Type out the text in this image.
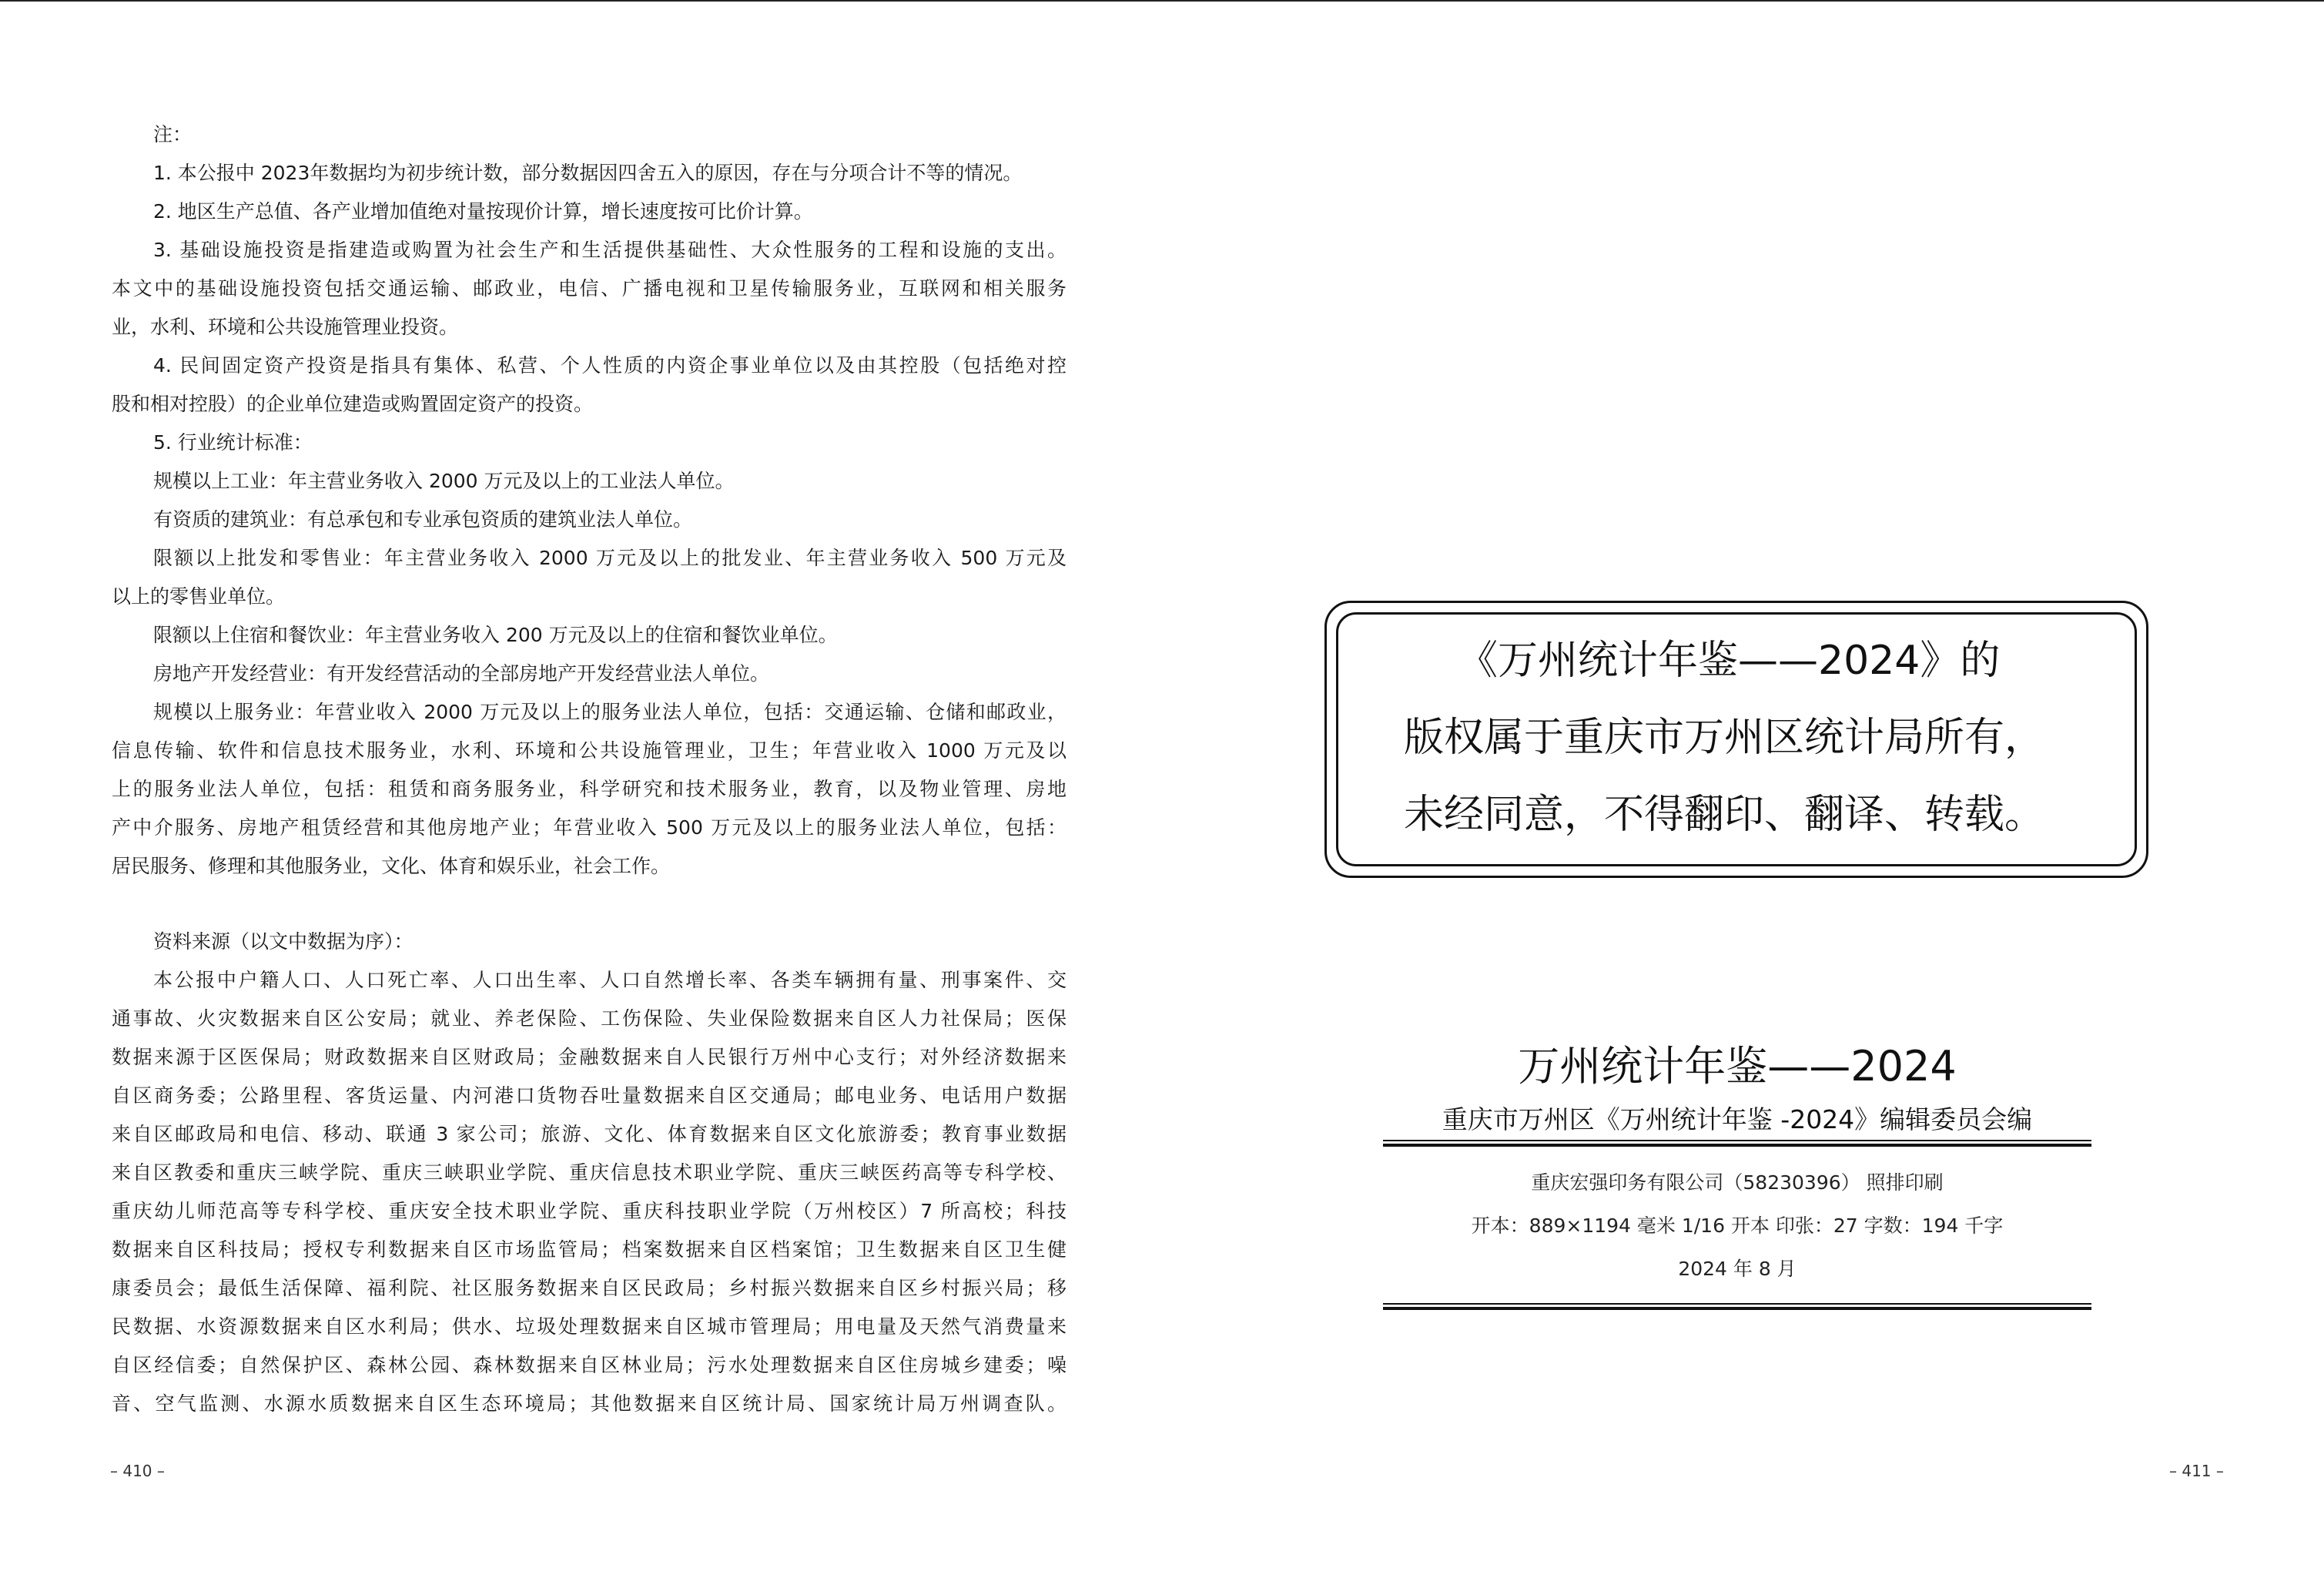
注：
1. 本公报中 2023年数据均为初步统计数，部分数据因四舍五入的原因，存在与分项合计不等的情况。
2. 地区生产总值、各产业增加值绝对量按现价计算，增长速度按可比价计算。
3. 基础设施投资是指建造或购置为社会生产和生活提供基础性、大众性服务的工程和设施的支出。
本文中的基础设施投资包括交通运输、邮政业，电信、广播电视和卫星传输服务业，互联网和相关服务
业，水利、环境和公共设施管理业投资。
4. 民间固定资产投资是指具有集体、私营、个人性质的内资企事业单位以及由其控股（包括绝对控
股和相对控股）的企业单位建造或购置固定资产的投资。
5. 行业统计标准：
规模以上工业：年主营业务收入 2000 万元及以上的工业法人单位。
有资质的建筑业：有总承包和专业承包资质的建筑业法人单位。
限额以上批发和零售业：年主营业务收入 2000 万元及以上的批发业、年主营业务收入 500 万元及
以上的零售业单位。
限额以上住宿和餐饮业：年主营业务收入 200 万元及以上的住宿和餐饮业单位。
房地产开发经营业：有开发经营活动的全部房地产开发经营业法人单位。
规模以上服务业：年营业收入 2000 万元及以上的服务业法人单位，包括：交通运输、仓储和邮政业，
信息传输、软件和信息技术服务业，水利、环境和公共设施管理业，卫生；年营业收入 1000 万元及以
上的服务业法人单位，包括：租赁和商务服务业，科学研究和技术服务业，教育，以及物业管理、房地
产中介服务、房地产租赁经营和其他房地产业；年营业收入 500 万元及以上的服务业法人单位，包括：
居民服务、修理和其他服务业，文化、体育和娱乐业，社会工作。
资料来源（以文中数据为序）：
本公报中户籍人口、人口死亡率、人口出生率、人口自然增长率、各类车辆拥有量、刑事案件、交
通事故、火灾数据来自区公安局；就业、养老保险、工伤保险、失业保险数据来自区人力社保局；医保
数据来源于区医保局；财政数据来自区财政局；金融数据来自人民银行万州中心支行；对外经济数据来
自区商务委；公路里程、客货运量、内河港口货物吞吐量数据来自区交通局；邮电业务、电话用户数据
来自区邮政局和电信、移动、联通 3 家公司；旅游、文化、体育数据来自区文化旅游委；教育事业数据
来自区教委和重庆三峡学院、重庆三峡职业学院、重庆信息技术职业学院、重庆三峡医药高等专科学校、
重庆幼儿师范高等专科学校、重庆安全技术职业学院、重庆科技职业学院（万州校区）7 所高校；科技
数据来自区科技局；授权专利数据来自区市场监管局；档案数据来自区档案馆；卫生数据来自区卫生健
康委员会；最低生活保障、福利院、社区服务数据来自区民政局；乡村振兴数据来自区乡村振兴局；移
民数据、水资源数据来自区水利局；供水、垃圾处理数据来自区城市管理局；用电量及天然气消费量来
自区经信委；自然保护区、森林公园、森林数据来自区林业局；污水处理数据来自区住房城乡建委；噪
音、空气监测、水源水质数据来自区生态环境局；其他数据来自区统计局、国家统计局万州调查队。
– 410 –
《万州统计年鉴——2024》的
版权属于重庆市万州区统计局所有，
未经同意，不得翻印、翻译、转载。
万州统计年鉴——2024
重庆市万州区《万州统计年鉴 -2024》编辑委员会编
重庆宏强印务有限公司（58230396） 照排印刷
开本：889×1194 毫米 1/16 开本 印张：27 字数：194 千字
2024 年 8 月
– 411 –
